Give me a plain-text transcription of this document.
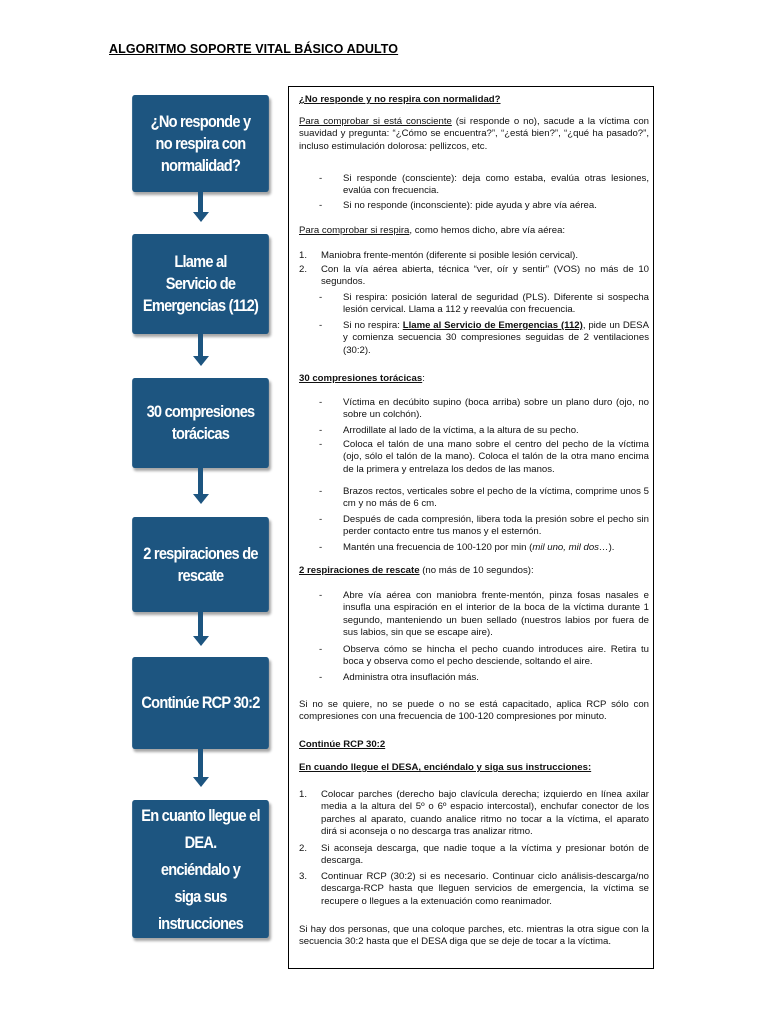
ALGORITMO SOPORTE VITAL BÁSICO ADULTO
¿No responde y
no respira con normalidad?
Llame al
Servicio de Emergencias (112)
30 compresiones torácicas
2 respiraciones de rescate
Continúe RCP 30:2
En cuanto llegue el DEA.
enciéndalo y
siga sus instrucciones
¿No responde y no respira con normalidad?
Para comprobar si está consciente (si responde o no), sacude a la víctima con suavidad y pregunta: “¿Cómo se encuentra?”, “¿está bien?”, “¿qué ha pasado?”, incluso estimulación dolorosa: pellizcos, etc.
- Si responde (consciente): deja como estaba, evalúa otras lesiones, evalúa con frecuencia.
- Si no responde (inconsciente): pide ayuda y abre vía aérea.
Para comprobar si respira, como hemos dicho, abre vía aérea:
1. Maniobra frente-mentón (diferente si posible lesión cervical).
2. Con la vía aérea abierta, técnica “ver, oír y sentir” (VOS) no más de 10 segundos.
- Si respira: posición lateral de seguridad (PLS). Diferente si sospecha lesión cervical. Llama a 112 y reevalúa con frecuencia.
- Si no respira: Llame al Servicio de Emergencias (112), pide un DESA y comienza secuencia 30 compresiones seguidas de 2 ventilaciones (30:2).
30 compresiones torácicas:
- Víctima en decúbito supino (boca arriba) sobre un plano duro (ojo, no sobre un colchón).
- Arrodillate al lado de la víctima, a la altura de su pecho.
- Coloca el talón de una mano sobre el centro del pecho de la víctima (ojo, sólo el talón de la mano). Coloca el talón de la otra mano encima de la primera y entrelaza los dedos de las manos.
- Brazos rectos, verticales sobre el pecho de la víctima, comprime unos 5 cm y no más de 6 cm.
- Después de cada compresión, libera toda la presión sobre el pecho sin perder contacto entre tus manos y el esternón.
- Mantén una frecuencia de 100-120 por min (mil uno, mil dos…).
2 respiraciones de rescate (no más de 10 segundos):
- Abre vía aérea con maniobra frente-mentón, pinza fosas nasales e insufla una espiración en el interior de la boca de la víctima durante 1 segundo, manteniendo un buen sellado (nuestros labios por fuera de sus labios, sin que se escape aire).
- Observa cómo se hincha el pecho cuando introduces aire. Retira tu boca y observa como el pecho desciende, soltando el aire.
- Administra otra insuflación más.
Si no se quiere, no se puede o no se está capacitado, aplica RCP sólo con compresiones con una frecuencia de 100-120 compresiones por minuto.
Continúe RCP 30:2
En cuando llegue el DESA, enciéndalo y siga sus instrucciones:
1. Colocar parches (derecho bajo clavícula derecha; izquierdo en línea axilar media a la altura del 5º o 6º espacio intercostal), enchufar conector de los parches al aparato, cuando analice ritmo no tocar a la víctima, el aparato dirá si aconseja o no descarga tras analizar ritmo.
2. Si aconseja descarga, que nadie toque a la víctima y presionar botón de descarga.
3. Continuar RCP (30:2) si es necesario. Continuar ciclo análisis-descarga/no descarga-RCP hasta que lleguen servicios de emergencia, la víctima se recupere o llegues a la extenuación como reanimador.
Si hay dos personas, que una coloque parches, etc. mientras la otra sigue con la secuencia 30:2 hasta que el DESA diga que se deje de tocar a la víctima.
